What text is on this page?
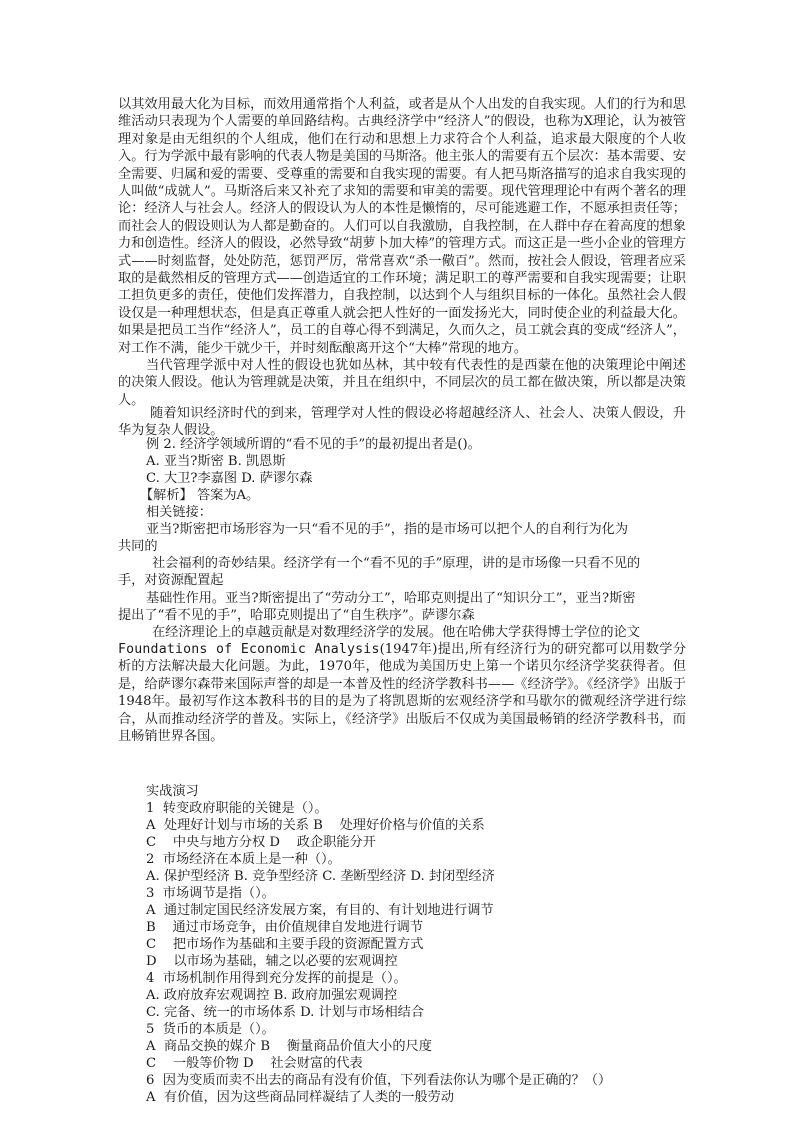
以其效用最大化为目标，而效用通常指个人利益，或者是从个人出发的自我实现。人们的行为和思维活动只表现为个人需要的单回路结构。古典经济学中“经济人”的假设，也称为X理论，认为被管理对象是由无组织的个人组成，他们在行动和思想上力求符合个人利益，追求最大限度的个人收入。行为学派中最有影响的代表人物是美国的马斯洛。他主张人的需要有五个层次：基本需要、安全需要、归属和爱的需要、受尊重的需要和自我实现的需要。有人把马斯洛描写的追求自我实现的人叫做“成就人”。马斯洛后来又补充了求知的需要和审美的需要。现代管理理论中有两个著名的理论：经济人与社会人。经济人的假设认为人的本性是懒惰的，尽可能逃避工作，不愿承担责任等；而社会人的假设则认为人都是勤奋的。人们可以自我激励，自我控制，在人群中存在着高度的想象力和创造性。经济人的假设，必然导致“胡萝卜加大棒”的管理方式。而这正是一些小企业的管理方式——时刻监督，处处防范，惩罚严厉，常常喜欢“杀一儆百”。然而，按社会人假设，管理者应采取的是截然相反的管理方式——创造适宜的工作环境；满足职工的尊严需要和自我实现需要；让职工担负更多的责任，使他们发挥潜力，自我控制，以达到个人与组织目标的一体化。虽然社会人假设仅是一种理想状态，但是真正尊重人就会把人性好的一面发扬光大，同时使企业的利益最大化。如果是把员工当作“经济人”，员工的自尊心得不到满足，久而久之，员工就会真的变成“经济人”，对工作不满，能少干就少干，并时刻酝酿离开这个“大棒”常现的地方。

当代管理学派中对人性的假设也犹如丛林，其中较有代表性的是西蒙在他的决策理论中阐述的决策人假设。他认为管理就是决策，并且在组织中，不同层次的员工都在做决策，所以都是决策人。

随着知识经济时代的到来，管理学对人性的假设必将超越经济人、社会人、决策人假设，升华为复杂人假设。

例 2. 经济学领域所谓的“看不见的手”的最初提出者是()。
A. 亚当?斯密 B. 凯恩斯
C. 大卫?李嘉图 D. 萨谬尔森
【解析】 答案为A。
相关链接：
亚当?斯密把市场形容为一只“看不见的手”，指的是市场可以把个人的自利行为化为
共同的
社会福利的奇妙结果。经济学有一个“看不见的手”原理，讲的是市场像一只看不见的
手，对资源配置起
基础性作用。亚当?斯密提出了“劳动分工”，哈耶克则提出了“知识分工”，亚当?斯密
提出了“看不见的手”，哈耶克则提出了“自生秩序”。萨谬尔森
在经济理论上的卓越贡献是对数理经济学的发展。他在哈佛大学获得博士学位的论文

Foundations of Economic Analysis(1947年)提出,所有经济行为的研究都可以用数学分析的方法解决最大化问题。为此，1970年，他成为美国历史上第一个诺贝尔经济学奖获得者。但是，给萨谬尔森带来国际声誉的却是一本普及性的经济学教科书——《经济学》。《经济学》出版于1948年。最初写作这本教科书的目的是为了将凯恩斯的宏观经济学和马歇尔的微观经济学进行综合，从而推动经济学的普及。实际上，《经济学》出版后不仅成为美国最畅销的经济学教科书，而且畅销世界各国。

实战演习
1  转变政府职能的关键是（）。
A  处理好计划与市场的关系 B    处理好价格与价值的关系
C    中央与地方分权 D    政企职能分开
2  市场经济在本质上是一种（）。
A. 保护型经济 B. 竞争型经济 C. 垄断型经济 D. 封闭型经济
3  市场调节是指（）。
A  通过制定国民经济发展方案，有目的、有计划地进行调节
B    通过市场竞争，由价值规律自发地进行调节
C    把市场作为基础和主要手段的资源配置方式
D    以市场为基础，辅之以必要的宏观调控
4  市场机制作用得到充分发挥的前提是（）。
A. 政府放弃宏观调控 B. 政府加强宏观调控
C. 完备、统一的市场体系 D. 计划与市场相结合
5  货币的本质是（）。
A  商品交换的媒介 B    衡量商品价值大小的尺度
C    一般等价物 D    社会财富的代表
6  因为变质而卖不出去的商品有没有价值，下列看法你认为哪个是正确的？（）
A  有价值，因为这些商品同样凝结了人类的一般劳动
